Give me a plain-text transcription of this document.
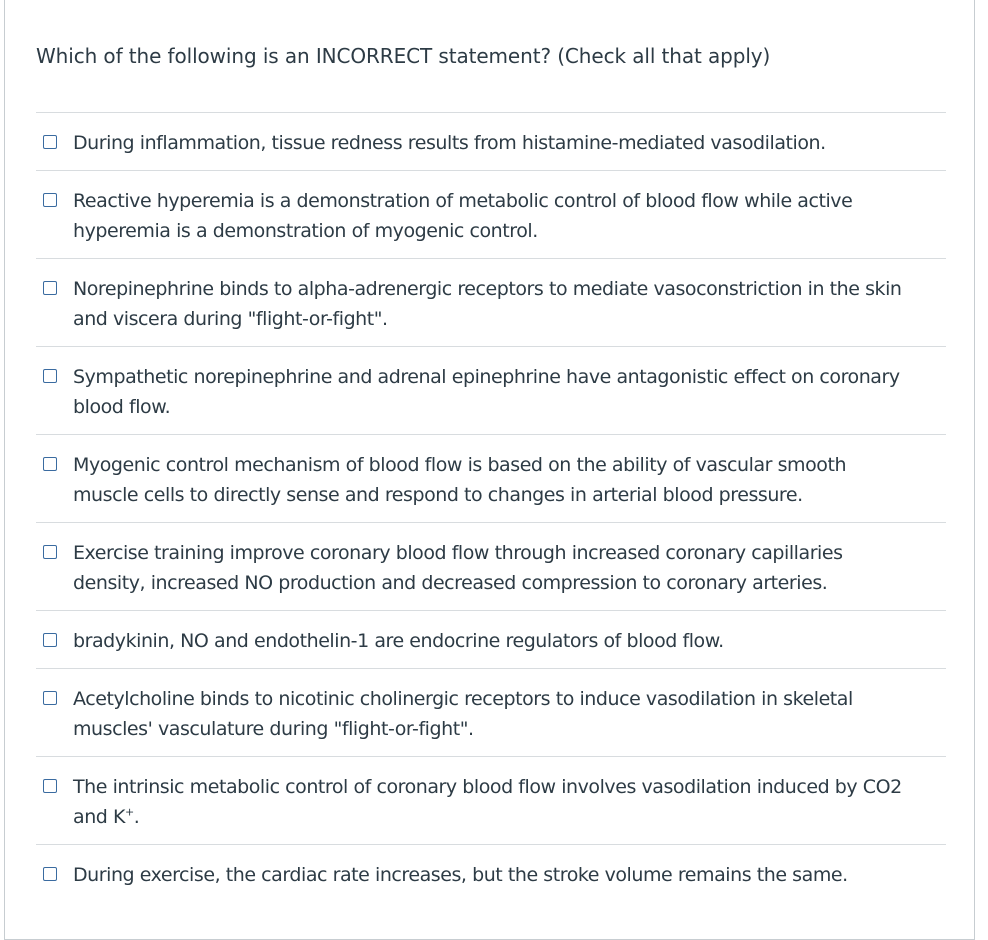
Which of the following is an INCORRECT statement? (Check all that apply)
During inflammation, tissue redness results from histamine-mediated vasodilation.
Reactive hyperemia is a demonstration of metabolic control of blood flow while active hyperemia is a demonstration of myogenic control.
Norepinephrine binds to alpha-adrenergic receptors to mediate vasoconstriction in the skin and viscera during "flight-or-fight".
Sympathetic norepinephrine and adrenal epinephrine have antagonistic effect on coronary blood flow.
Myogenic control mechanism of blood flow is based on the ability of vascular smooth muscle cells to directly sense and respond to changes in arterial blood pressure.
Exercise training improve coronary blood flow through increased coronary capillaries density, increased NO production and decreased compression to coronary arteries.
bradykinin, NO and endothelin-1 are endocrine regulators of blood flow.
Acetylcholine binds to nicotinic cholinergic receptors to induce vasodilation in skeletal muscles' vasculature during "flight-or-fight".
The intrinsic metabolic control of coronary blood flow involves vasodilation induced by CO2 and K+.
During exercise, the cardiac rate increases, but the stroke volume remains the same.
